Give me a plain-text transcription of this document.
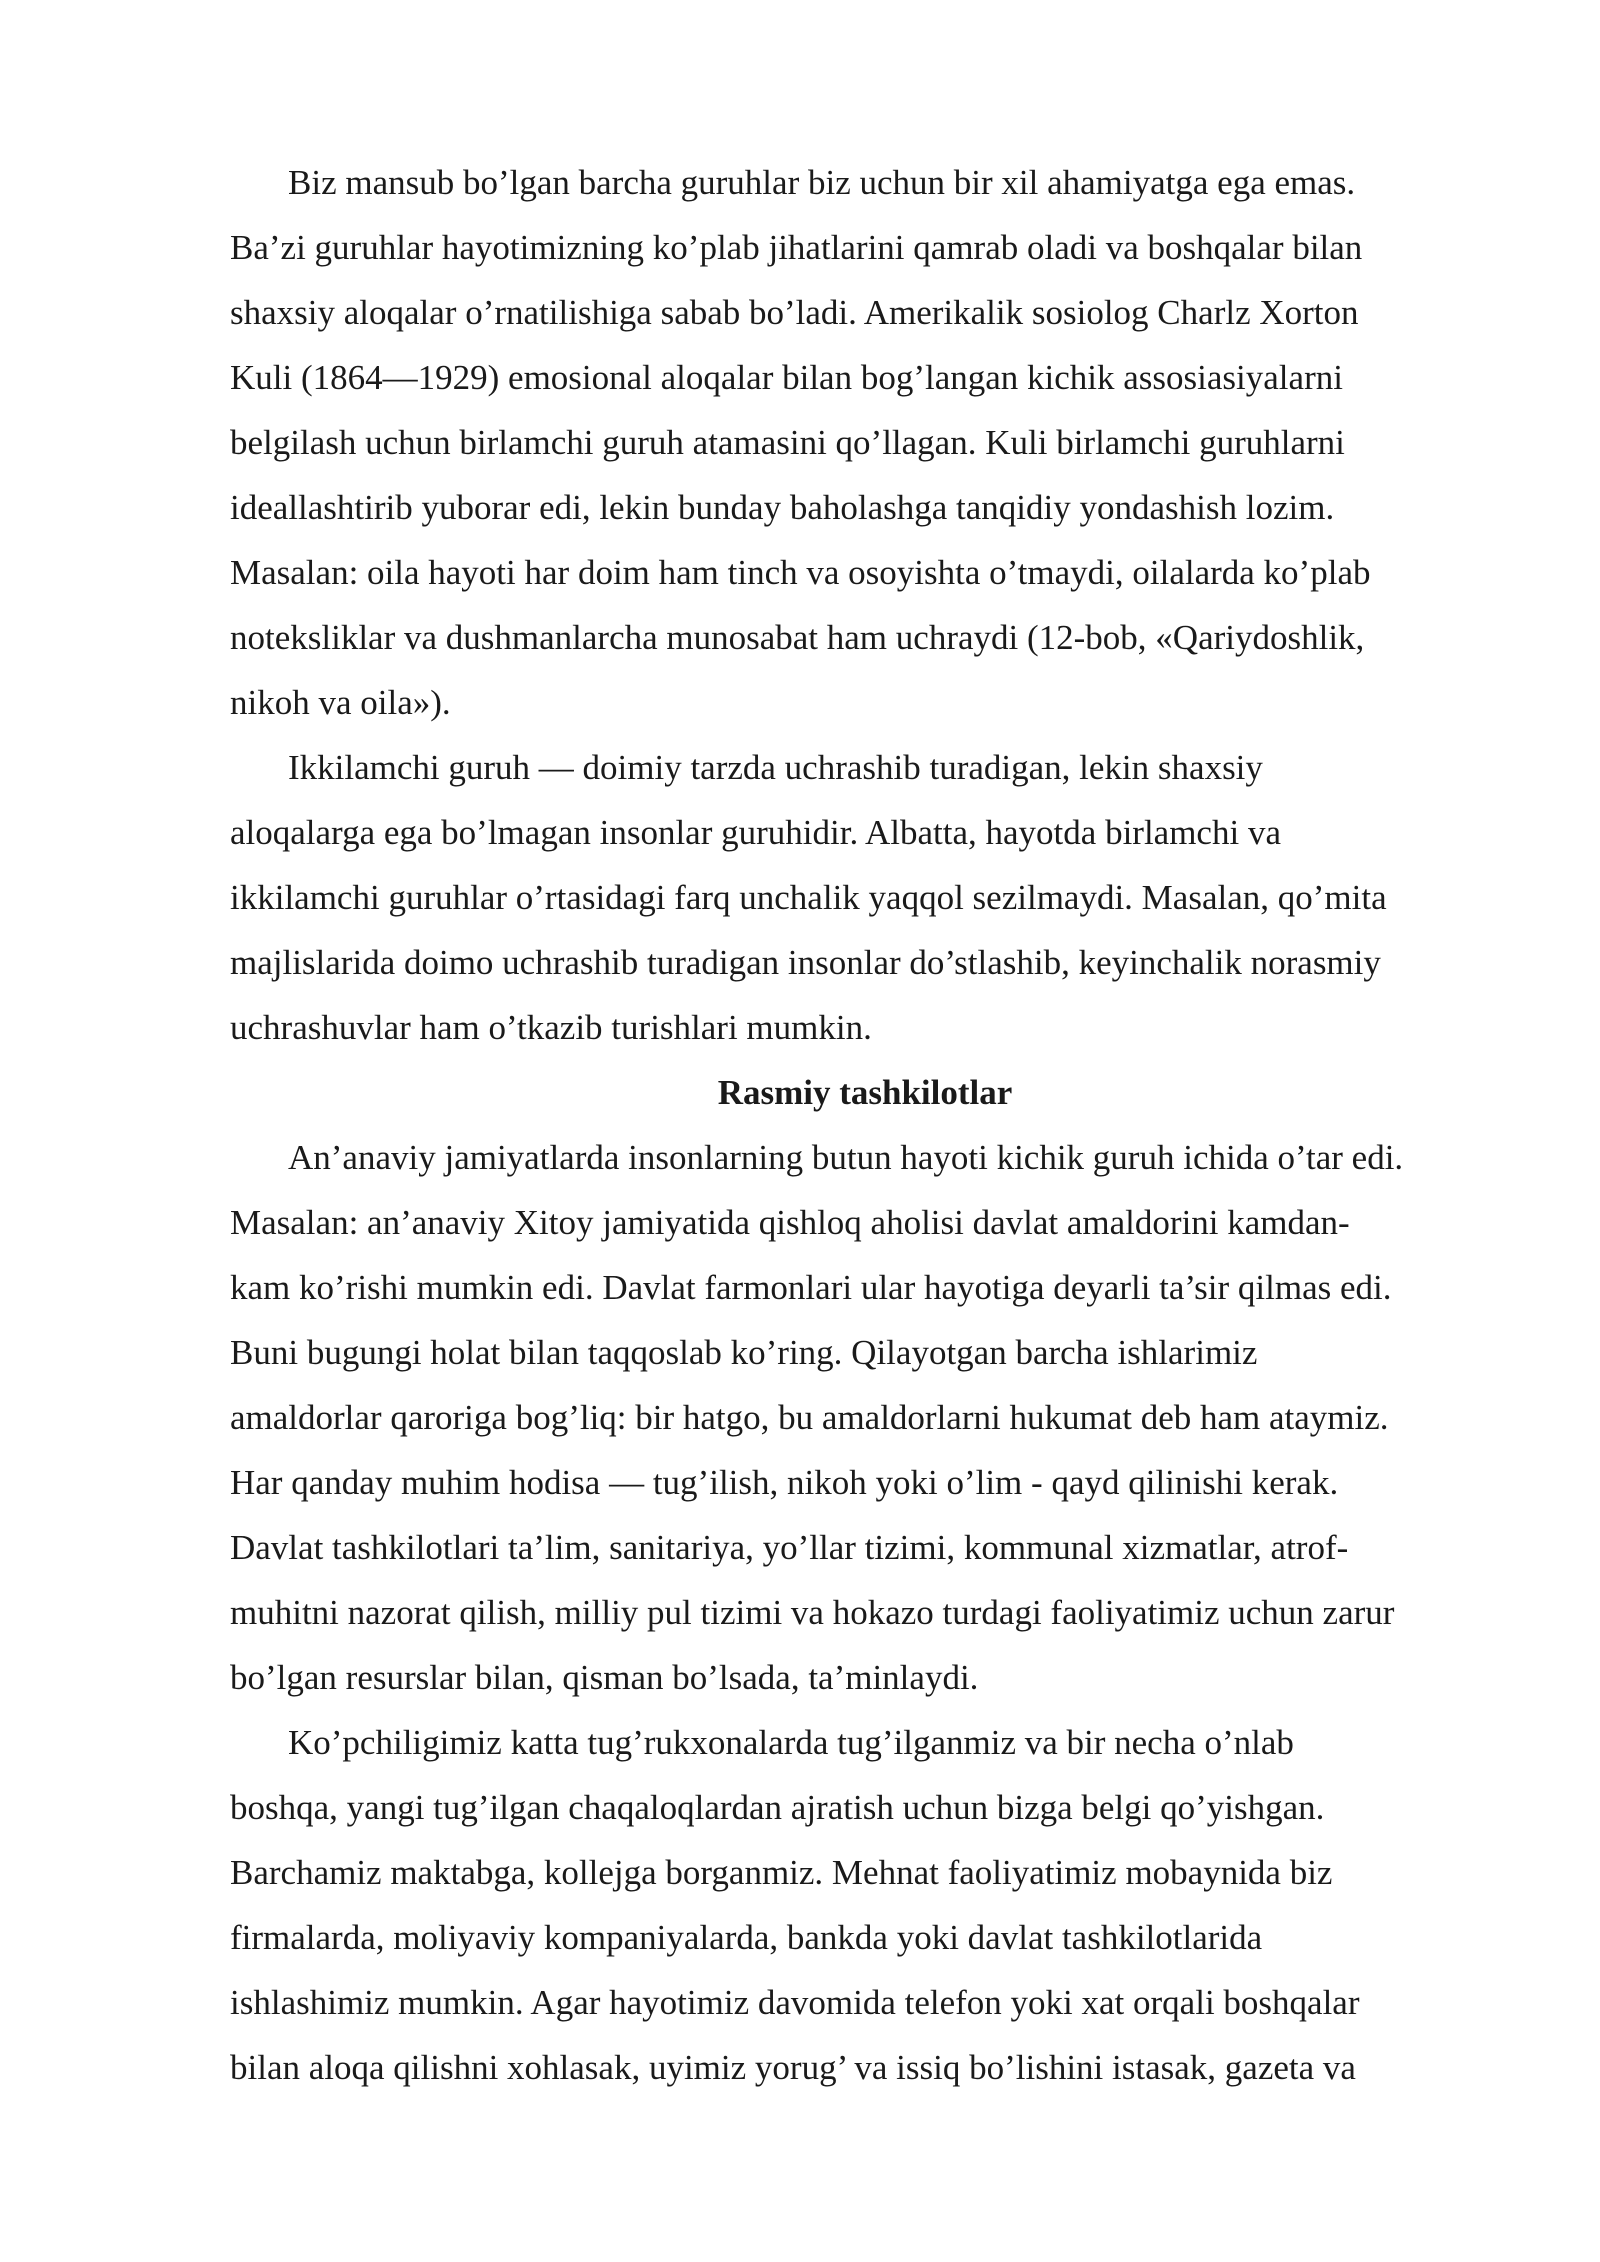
Biz mansub bo’lgan barcha guruhlar biz uchun bir xil ahamiyatga ega emas.
Ba’zi guruhlar hayotimizning ko’plab jihatlarini qamrab oladi va boshqalar bilan
shaxsiy aloqalar o’rnatilishiga sabab bo’ladi. Amerikalik sosiolog Charlz Xorton
Kuli (1864—1929) emosional aloqalar bilan bog’langan kichik assosiasiyalarni
belgilash uchun birlamchi guruh atamasini qo’llagan. Kuli birlamchi guruhlarni
ideallashtirib yuborar edi, lekin bunday baholashga tanqidiy yondashish lozim.
Masalan: oila hayoti har doim ham tinch va osoyishta o’tmaydi, oilalarda ko’plab
noteksliklar va dushmanlarcha munosabat ham uchraydi (12-bob, «Qariydoshlik,
nikoh va oila»).

Ikkilamchi guruh — doimiy tarzda uchrashib turadigan, lekin shaxsiy
aloqalarga ega bo’lmagan insonlar guruhidir. Albatta, hayotda birlamchi va
ikkilamchi guruhlar o’rtasidagi farq unchalik yaqqol sezilmaydi. Masalan, qo’mita
majlislarida doimo uchrashib turadigan insonlar do’stlashib, keyinchalik norasmiy
uchrashuvlar ham o’tkazib turishlari mumkin.

Rasmiy tashkilotlar

An’anaviy jamiyatlarda insonlarning butun hayoti kichik guruh ichida o’tar edi.
Masalan: an’anaviy Xitoy jamiyatida qishloq aholisi davlat amaldorini kamdan-
kam ko’rishi mumkin edi. Davlat farmonlari ular hayotiga deyarli ta’sir qilmas edi.
Buni bugungi holat bilan taqqoslab ko’ring. Qilayotgan barcha ishlarimiz
amaldorlar qaroriga bog’liq: bir hatgo, bu amaldorlarni hukumat deb ham ataymiz.
Har qanday muhim hodisa — tug’ilish, nikoh yoki o’lim - qayd qilinishi kerak.
Davlat tashkilotlari ta’lim, sanitariya, yo’llar tizimi, kommunal xizmatlar, atrof-
muhitni nazorat qilish, milliy pul tizimi va hokazo turdagi faoliyatimiz uchun zarur
bo’lgan resurslar bilan, qisman bo’lsada, ta’minlaydi.

Ko’pchiligimiz katta tug’rukxonalarda tug’ilganmiz va bir necha o’nlab
boshqa, yangi tug’ilgan chaqaloqlardan ajratish uchun bizga belgi qo’yishgan.
Barchamiz maktabga, kollejga borganmiz. Mehnat faoliyatimiz mobaynida biz
firmalarda, moliyaviy kompaniyalarda, bankda yoki davlat tashkilotlarida
ishlashimiz mumkin. Agar hayotimiz davomida telefon yoki xat orqali boshqalar
bilan aloqa qilishni xohlasak, uyimiz yorug’ va issiq bo’lishini istasak, gazeta va
